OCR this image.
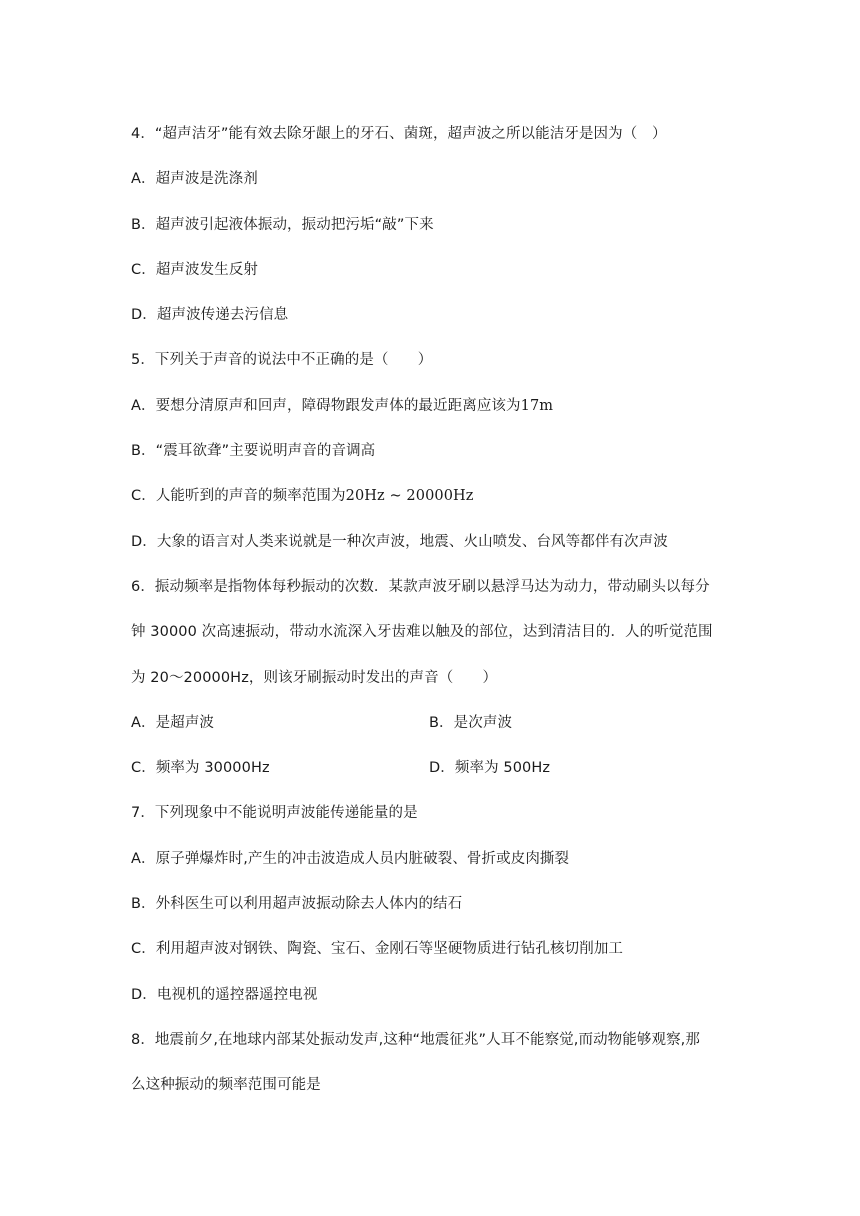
4．“超声洁牙”能有效去除牙龈上的牙石、菌斑，超声波之所以能洁牙是因为（　）
A．超声波是洗涤剂
B．超声波引起液体振动，振动把污垢“敲”下来
C．超声波发生反射
D．超声波传递去污信息
5．下列关于声音的说法中不正确的是（　　）
A．要想分清原声和回声，障碍物跟发声体的最近距离应该为17m
B．“震耳欲聋”主要说明声音的音调高
C．人能听到的声音的频率范围为20Hz ~ 20000Hz
D．大象的语言对人类来说就是一种次声波，地震、火山喷发、台风等都伴有次声波
6．振动频率是指物体每秒振动的次数．某款声波牙刷以悬浮马达为动力，带动刷头以每分
钟 30000 次高速振动，带动水流深入牙齿难以触及的部位，达到清洁目的．人的听觉范围
为 20～20000Hz，则该牙刷振动时发出的声音（　　）
A．是超声波	B．是次声波
C．频率为 30000Hz	D．频率为 500Hz
7．下列现象中不能说明声波能传递能量的是
A．原子弹爆炸时,产生的冲击波造成人员内脏破裂、骨折或皮肉撕裂
B．外科医生可以利用超声波振动除去人体内的结石
C．利用超声波对钢铁、陶瓷、宝石、金刚石等坚硬物质进行钻孔核切削加工
D．电视机的遥控器遥控电视
8．地震前夕,在地球内部某处振动发声,这种“地震征兆”人耳不能察觉,而动物能够观察,那
么这种振动的频率范围可能是
